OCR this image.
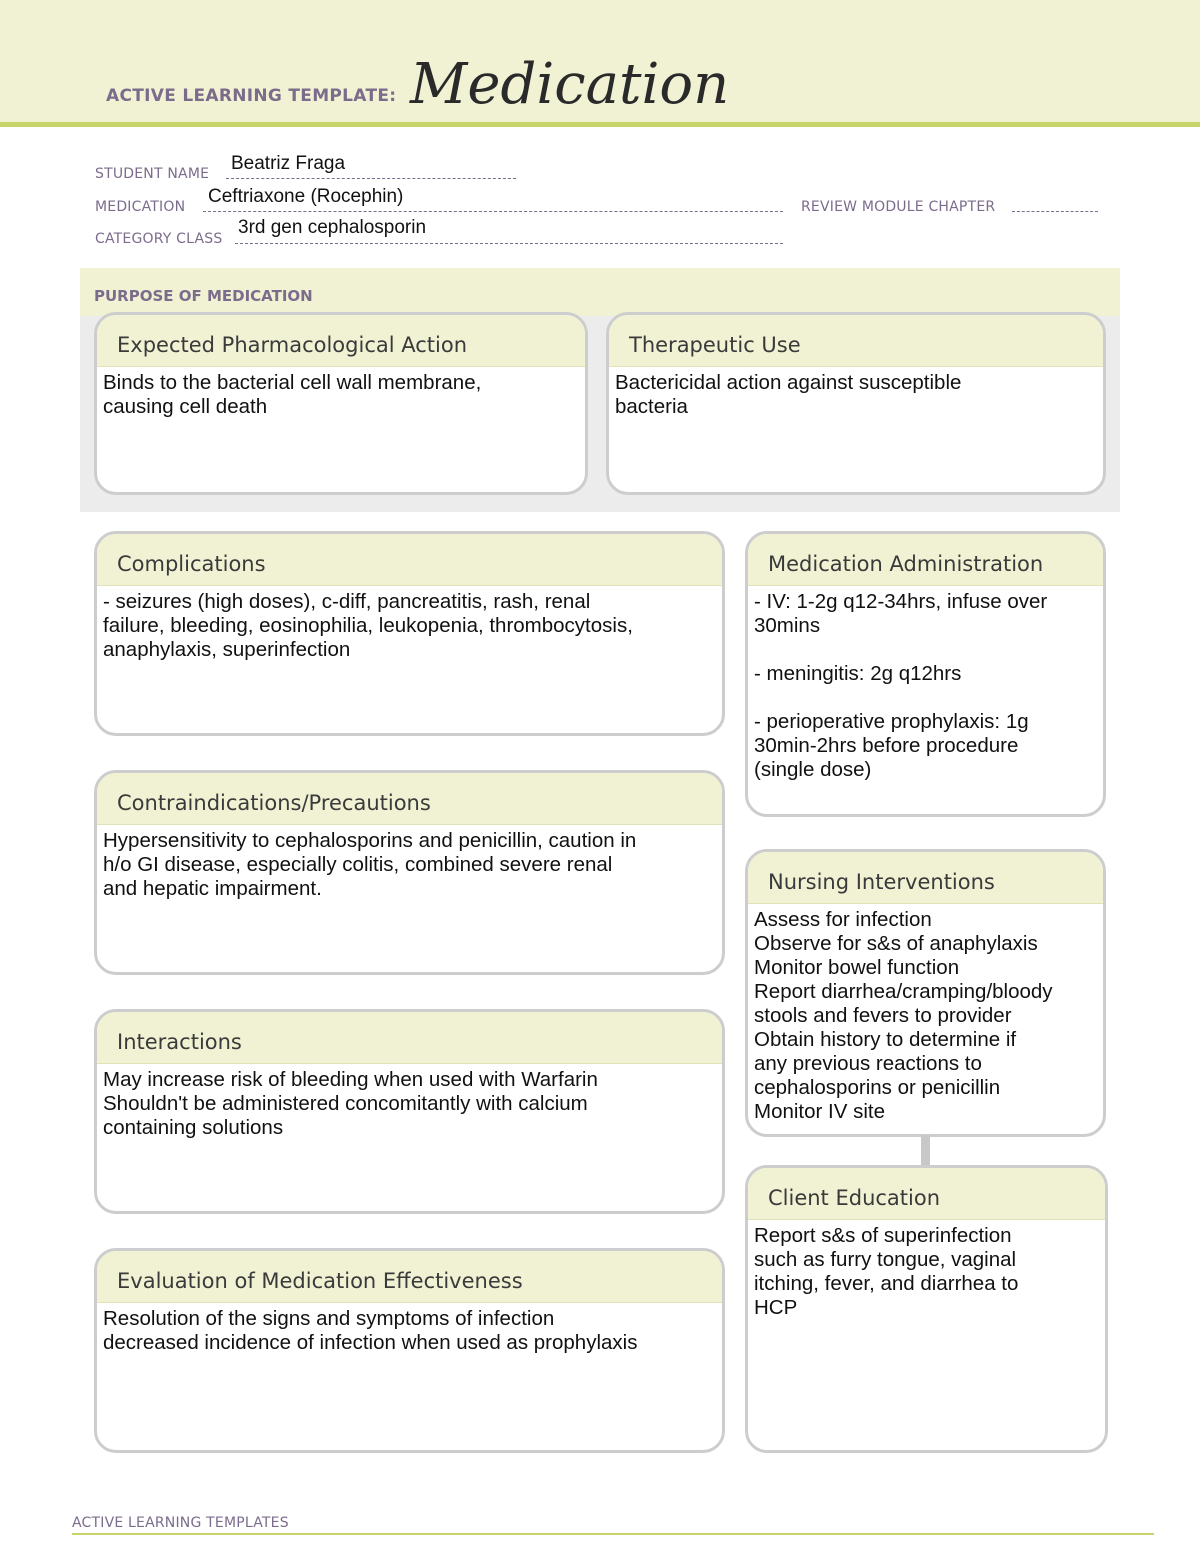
ACTIVE LEARNING TEMPLATE: Medication
STUDENT NAME Beatriz Fraga
MEDICATION Ceftriaxone (Rocephin)	REVIEW MODULE CHAPTER
CATEGORY CLASS
3rd gen cephalosporin
PURPOSE OF MEDICATION
Expected Pharmacological Action
Binds to the bacterial cell wall membrane,
causing cell death
Therapeutic Use
Bactericidal action against susceptible
bacteria
Complications
- seizures (high doses), c-diff, pancreatitis, rash, renal
failure, bleeding, eosinophilia, leukopenia, thrombocytosis,
anaphylaxis, superinfection
Contraindications/Precautions
Hypersensitivity to cephalosporins and penicillin, caution in
h/o GI disease, especially colitis, combined severe renal
and hepatic impairment.
Interactions
May increase risk of bleeding when used with Warfarin
Shouldn't be administered concomitantly with calcium
containing solutions
Evaluation of Medication Effectiveness
Resolution of the signs and symptoms of infection
decreased incidence of infection when used as prophylaxis
Medication Administration
- IV: 1-2g q12-34hrs, infuse over
30mins

- meningitis: 2g q12hrs

- perioperative prophylaxis: 1g
30min-2hrs before procedure
(single dose)
Nursing Interventions
Assess for infection
Observe for s&s of anaphylaxis
Monitor bowel function
Report diarrhea/cramping/bloody
stools and fevers to provider
Obtain history to determine if
any previous reactions to
cephalosporins or penicillin
Monitor IV site
Client Education
Report s&s of superinfection
such as furry tongue, vaginal
itching, fever, and diarrhea to
HCP
ACTIVE LEARNING TEMPLATES
